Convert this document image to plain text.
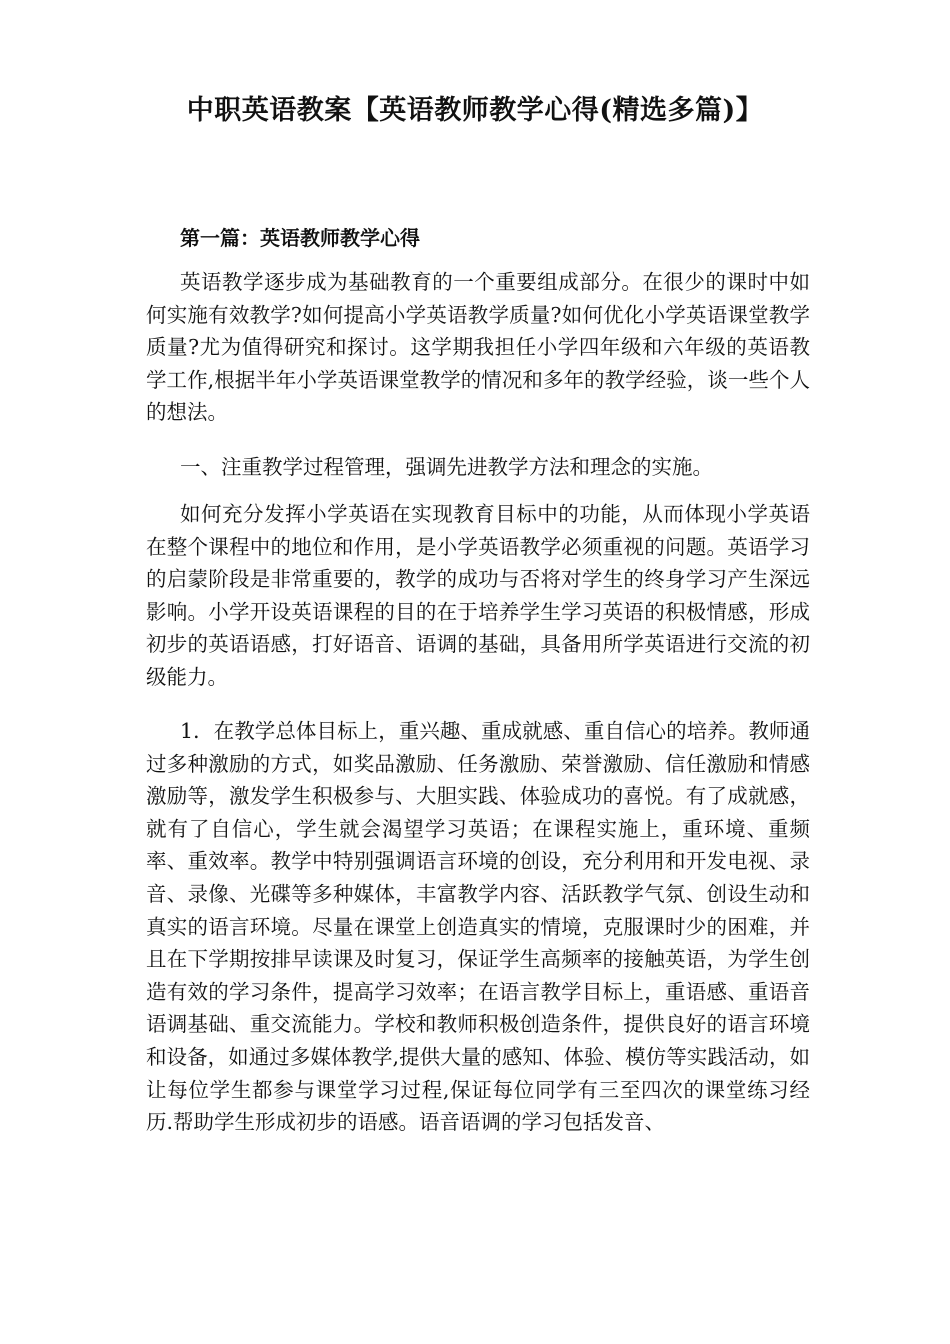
中职英语教案【英语教师教学心得(精选多篇)】
第一篇：英语教师教学心得

英语教学逐步成为基础教育的一个重要组成部分。在很少的课时中如何实施有效教学?如何提高小学英语教学质量?如何优化小学英语课堂教学质量?尤为值得研究和探讨。这学期我担任小学四年级和六年级的英语教学工作,根据半年小学英语课堂教学的情况和多年的教学经验，谈一些个人的想法。

一、注重教学过程管理，强调先进教学方法和理念的实施。

如何充分发挥小学英语在实现教育目标中的功能，从而体现小学英语在整个课程中的地位和作用，是小学英语教学必须重视的问题。英语学习的启蒙阶段是非常重要的，教学的成功与否将对学生的终身学习产生深远影响。小学开设英语课程的目的在于培养学生学习英语的积极情感，形成初步的英语语感，打好语音、语调的基础，具备用所学英语进行交流的初级能力。

1．在教学总体目标上，重兴趣、重成就感、重自信心的培养。教师通过多种激励的方式，如奖品激励、任务激励、荣誉激励、信任激励和情感激励等，激发学生积极参与、大胆实践、体验成功的喜悦。有了成就感，就有了自信心，学生就会渴望学习英语；在课程实施上，重环境、重频率、重效率。教学中特别强调语言环境的创设，充分利用和开发电视、录音、录像、光碟等多种媒体，丰富教学内容、活跃教学气氛、创设生动和真实的语言环境。尽量在课堂上创造真实的情境，克服课时少的困难，并且在下学期按排早读课及时复习，保证学生高频率的接触英语，为学生创造有效的学习条件，提高学习效率；在语言教学目标上，重语感、重语音语调基础、重交流能力。学校和教师积极创造条件，提供良好的语言环境和设备，如通过多媒体教学,提供大量的感知、体验、模仿等实践活动，如让每位学生都参与课堂学习过程,保证每位同学有三至四次的课堂练习经历.帮助学生形成初步的语感。语音语调的学习包括发音、
